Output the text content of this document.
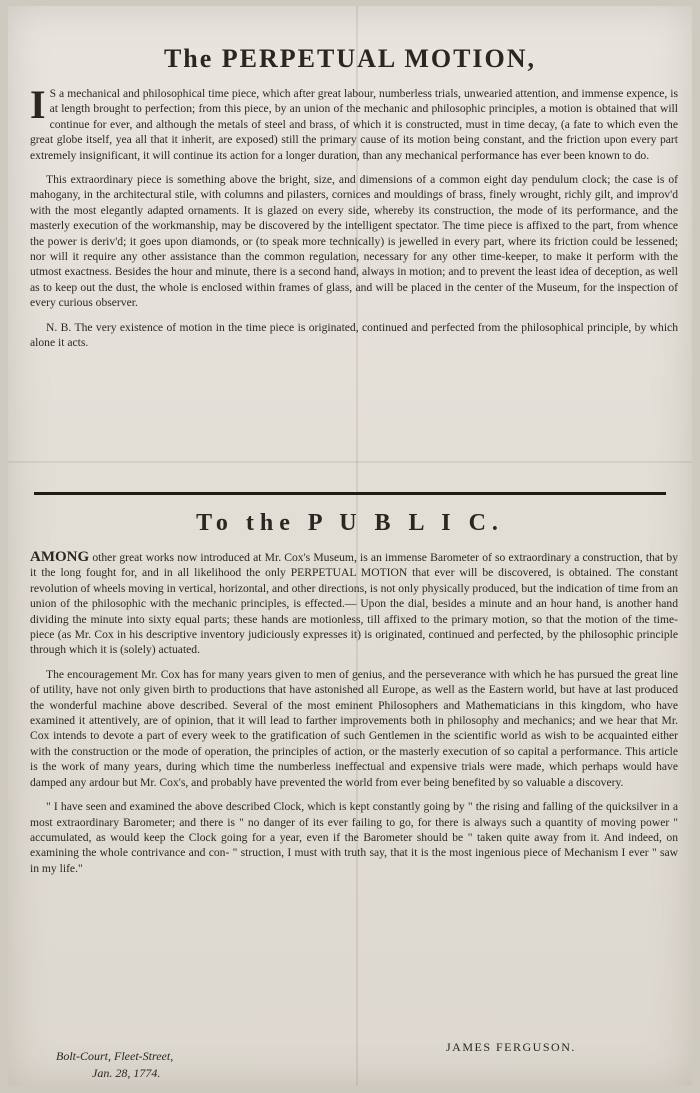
The PERPETUAL MOTION,

I S a mechanical and philosophical time piece, which after great labour, numberless trials, unwearied attention, and immense expence, is at length brought to perfection; from this piece, by an union of the mechanic and philosophic principles, a motion is obtained that will continue for ever, and although the metals of steel and brass, of which it is constructed, must in time decay, (a fate to which even the great globe itself, yea all that it inherit, are exposed) still the primary cause of its motion being constant, and the friction upon every part extremely insignificant, it will continue its action for a longer duration, than any mechanical performance has ever been known to do.

This extraordinary piece is something above the bright, size, and dimensions of a common eight day pendulum clock; the case is of mahogany, in the architectural stile, with columns and pilasters, cornices and mouldings of brass, finely wrought, richly gilt, and improv'd with the most elegantly adapted ornaments. It is glazed on every side, whereby its construction, the mode of its performance, and the masterly execution of the workmanship, may be discovered by the intelligent spectator. The time piece is affixed to the part, from whence the power is deriv'd; it goes upon diamonds, or (to speak more technically) is jewelled in every part, where its friction could be lessened; nor will it require any other assistance than the common regulation, necessary for any other time-keeper, to make it perform with the utmost exactness. Besides the hour and minute, there is a second hand, always in motion; and to prevent the least idea of deception, as well as to keep out the dust, the whole is enclosed within frames of glass, and will be placed in the center of the Museum, for the inspection of every curious observer.

N. B. The very existence of motion in the time piece is originated, continued and perfected from the philosophical principle, by which alone it acts.

To the P U B L I C.

AMONG other great works now introduced at Mr. Cox's Museum, is an immense Barometer of so extraordinary a construction, that by it the long fought for, and in all likelihood the only PERPETUAL MOTION that ever will be discovered, is obtained. The constant revolution of wheels moving in vertical, horizontal, and other directions, is not only physically produced, but the indication of time from an union of the philosophic with the mechanic principles, is effected.— Upon the dial, besides a minute and an hour hand, is another hand dividing the minute into sixty equal parts; these hands are motionless, till affixed to the primary motion, so that the motion of the time-piece (as Mr. Cox in his descriptive inventory judiciously expresses it) is originated, continued and perfected, by the philosophic principle through which it is (solely) actuated.

The encouragement Mr. Cox has for many years given to men of genius, and the perseverance with which he has pursued the great line of utility, have not only given birth to productions that have astonished all Europe, as well as the Eastern world, but have at last produced the wonderful machine above described. Several of the most eminent Philosophers and Mathematicians in this kingdom, who have examined it attentively, are of opinion, that it will lead to farther improvements both in philosophy and mechanics; and we hear that Mr. Cox intends to devote a part of every week to the gratification of such Gentlemen in the scientific world as wish to be acquainted either with the construction or the mode of operation, the principles of action, or the masterly execution of so capital a performance. This article is the work of many years, during which time the numberless ineffectual and expensive trials were made, which perhaps would have damped any ardour but Mr. Cox's, and probably have prevented the world from ever being benefited by so valuable a discovery.

" I have seen and examined the above described Clock, which is kept constantly going by " the rising and falling of the quicksilver in a most extraordinary Barometer; and there is " no danger of its ever failing to go, for there is always such a quantity of moving power " accumulated, as would keep the Clock going for a year, even if the Barometer should be " taken quite away from it. And indeed, on examining the whole contrivance and con- " struction, I must with truth say, that it is the most ingenious piece of Mechanism I ever " saw in my life."

Bolt-Court, Fleet-Street,
Jan. 28, 1774.
JAMES FERGUSON.
